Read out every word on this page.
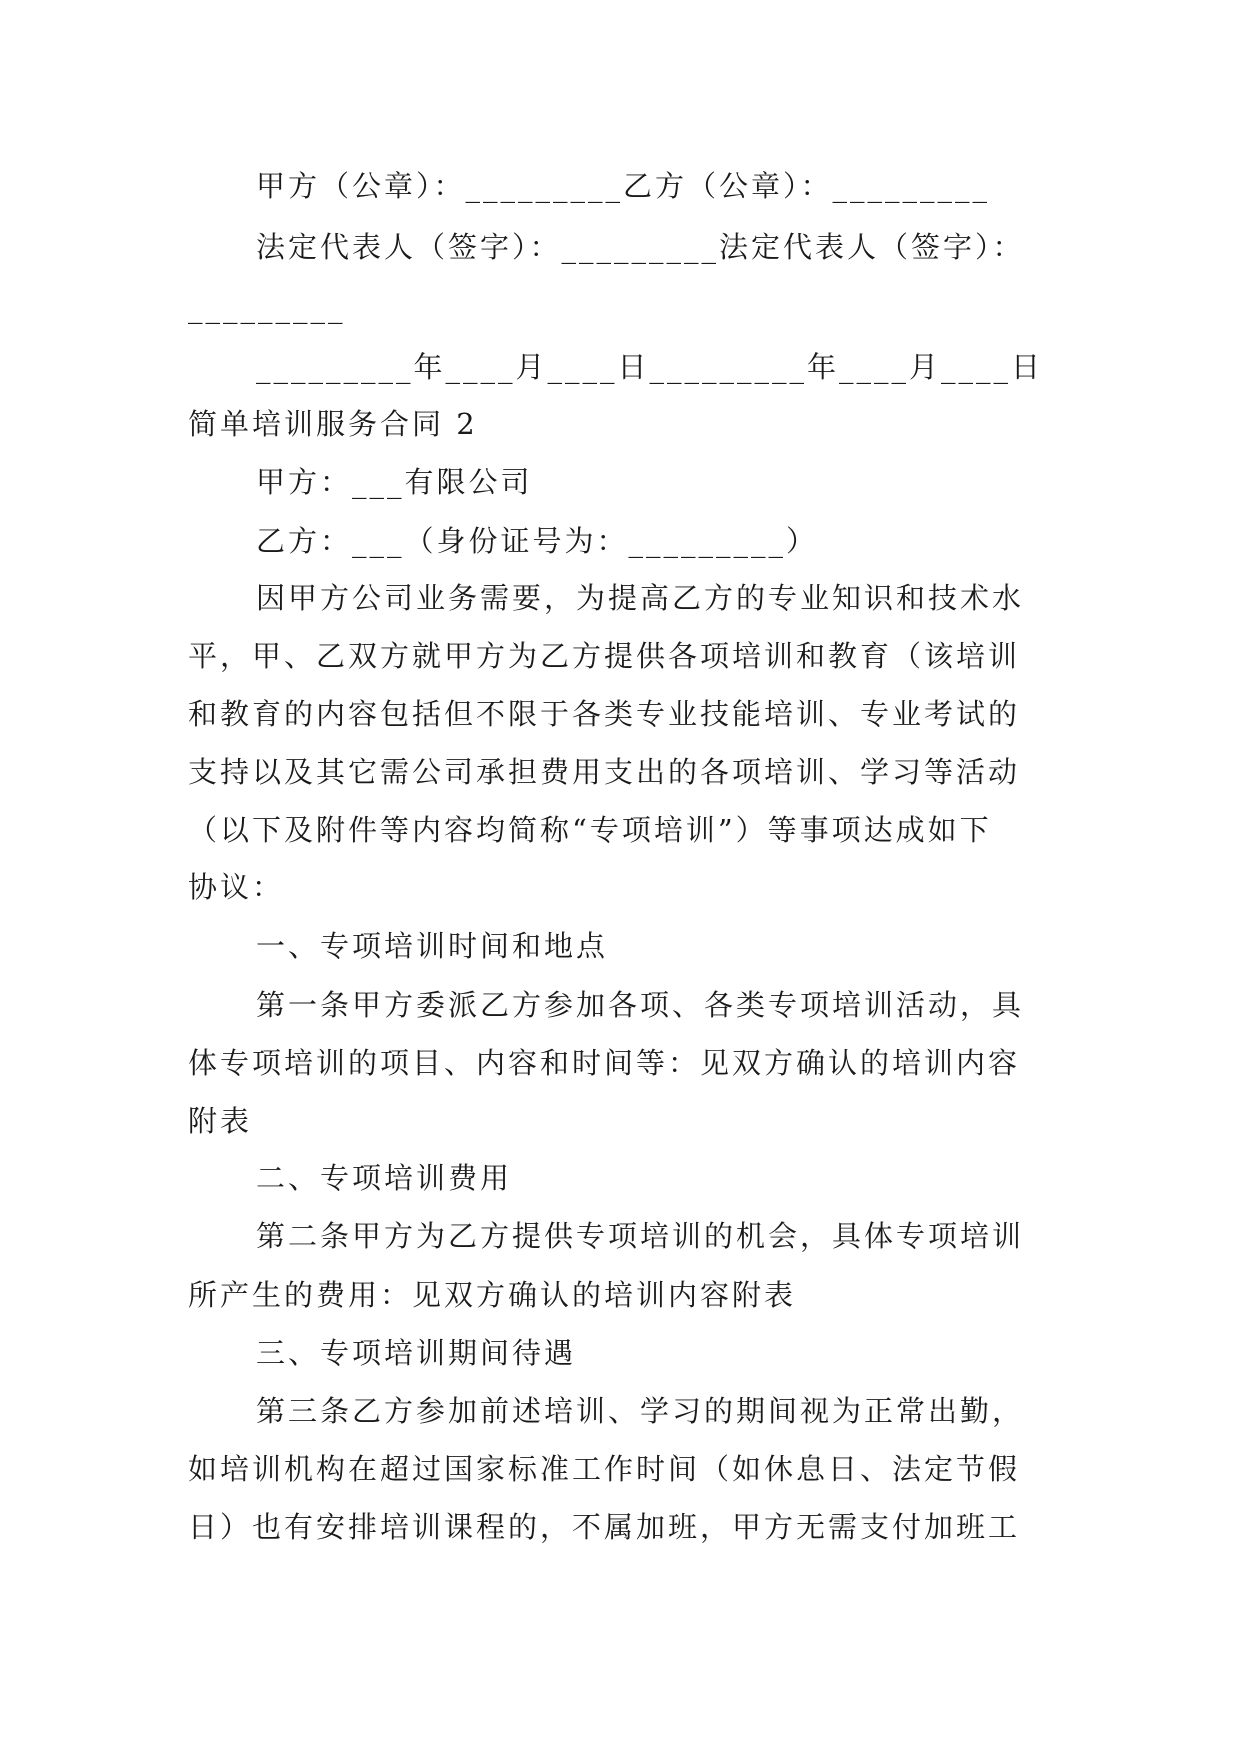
甲方（公章）：_________乙方（公章）：_________
法定代表人（签字）：_________法定代表人（签字）：
_________
_________年____月____日_________年____月____日
简单培训服务合同 2
甲方：___有限公司
乙方：___（身份证号为：_________）
因甲方公司业务需要，为提高乙方的专业知识和技术水
平，甲、乙双方就甲方为乙方提供各项培训和教育（该培训
和教育的内容包括但不限于各类专业技能培训、专业考试的
支持以及其它需公司承担费用支出的各项培训、学习等活动
（以下及附件等内容均简称“专项培训”）等事项达成如下
协议：
一、专项培训时间和地点
第一条甲方委派乙方参加各项、各类专项培训活动，具
体专项培训的项目、内容和时间等：见双方确认的培训内容
附表
二、专项培训费用
第二条甲方为乙方提供专项培训的机会，具体专项培训
所产生的费用：见双方确认的培训内容附表
三、专项培训期间待遇
第三条乙方参加前述培训、学习的期间视为正常出勤，
如培训机构在超过国家标准工作时间（如休息日、法定节假
日）也有安排培训课程的，不属加班，甲方无需支付加班工
